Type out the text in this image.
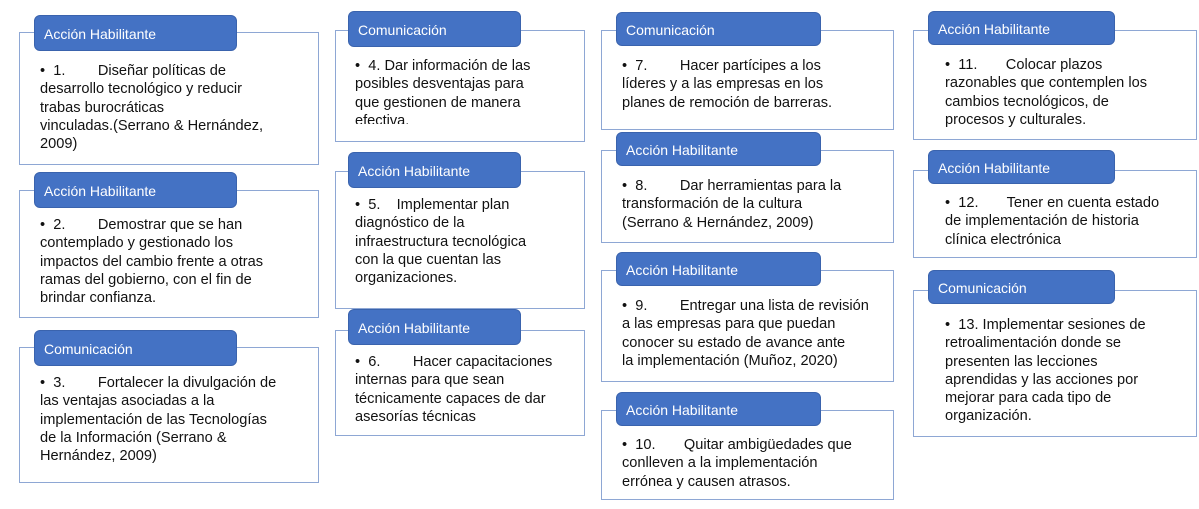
Acción Habilitante
•  1.        Diseñar políticas de
desarrollo tecnológico y reducir
trabas burocráticas
vinculadas.(Serrano & Hernández,
2009)
Acción Habilitante
•  2.        Demostrar que se han
contemplado y gestionado los
impactos del cambio frente a otras
ramas del gobierno, con el fin de
brindar confianza.
Comunicación
•  3.        Fortalecer la divulgación de
las ventajas asociadas a la
implementación de las Tecnologías
de la Información (Serrano &
Hernández, 2009)
Comunicación
•  4. Dar información de las
posibles desventajas para
que gestionen de manera
efectiva.
Acción Habilitante
•  5.    Implementar plan
diagnóstico de la
infraestructura tecnológica
con la que cuentan las
organizaciones.
Acción Habilitante
•  6.        Hacer capacitaciones
internas para que sean
técnicamente capaces de dar
asesorías técnicas
Comunicación
•  7.        Hacer partícipes a los
líderes y a las empresas en los
planes de remoción de barreras.
Acción Habilitante
•  8.        Dar herramientas para la
transformación de la cultura
(Serrano & Hernández, 2009)
Acción Habilitante
•  9.        Entregar una lista de revisión
a las empresas para que puedan
conocer su estado de avance ante
la implementación (Muñoz, 2020)
Acción Habilitante
•  10.       Quitar ambigüedades que
conlleven a la implementación
errónea y causen atrasos.
Acción Habilitante
•  11.       Colocar plazos
razonables que contemplen los
cambios tecnológicos, de
procesos y culturales.
Acción Habilitante
•  12.       Tener en cuenta estado
de implementación de historia
clínica electrónica
Comunicación
•  13. Implementar sesiones de
retroalimentación donde se
presenten las lecciones
aprendidas y las acciones por
mejorar para cada tipo de
organización.
